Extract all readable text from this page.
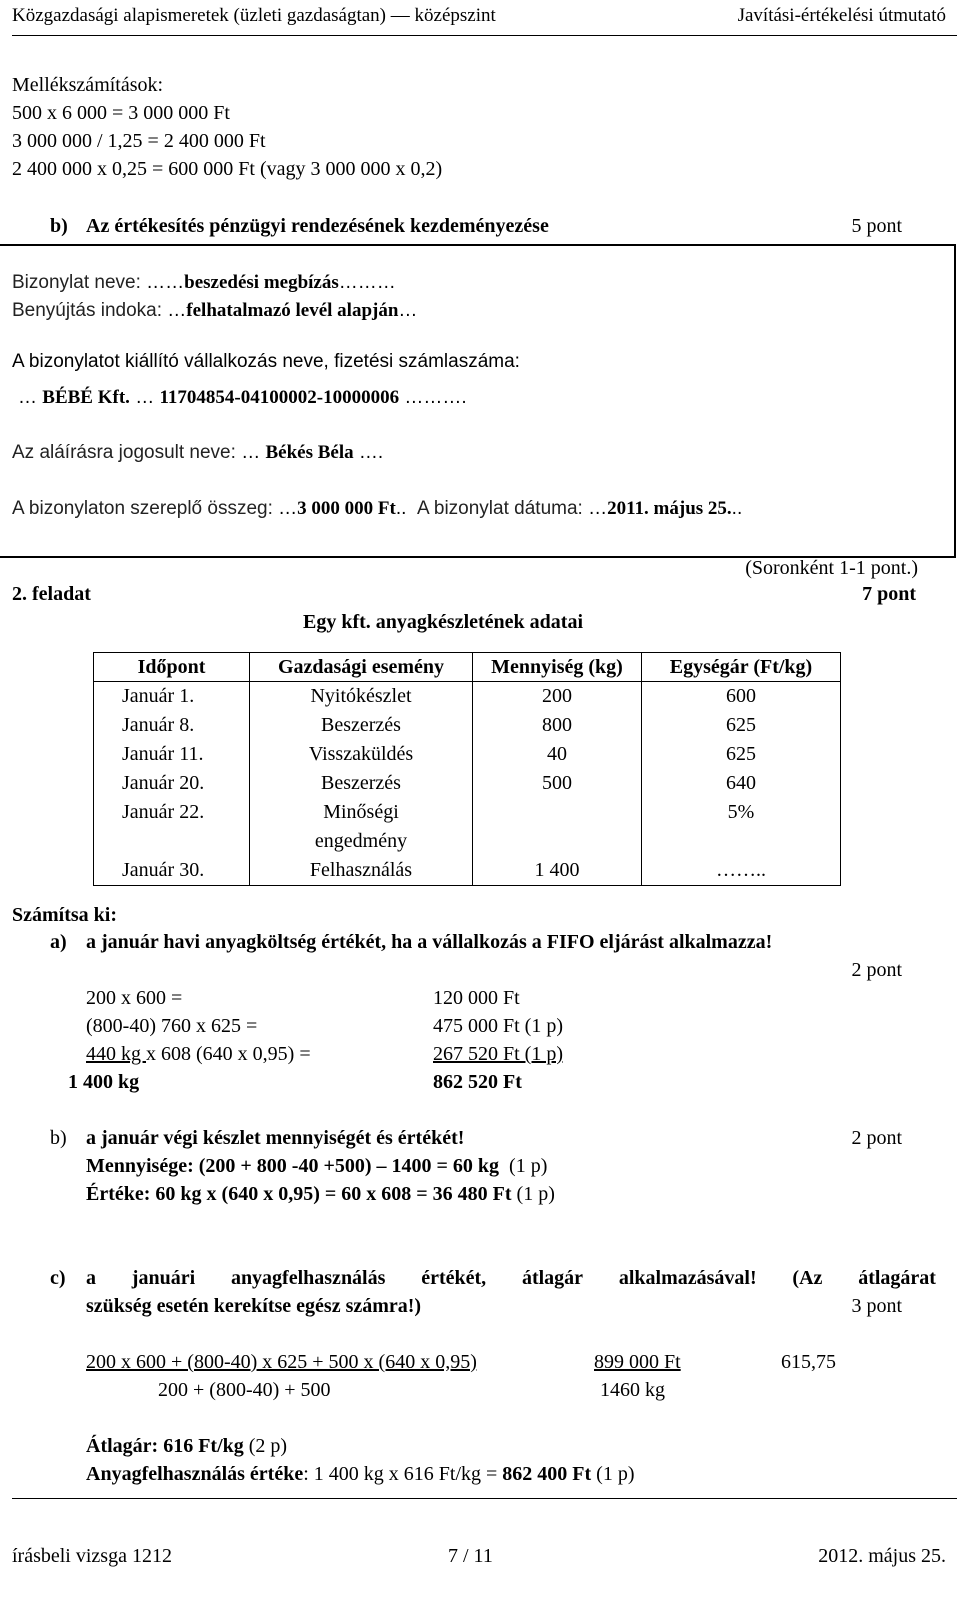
Közgazdasági alapismeretek (üzleti gazdaságtan) — középszint	Javítási-értékelési útmutató
Mellékszámítások:
500 x 6 000 = 3 000 000 Ft
3 000 000 / 1,25 = 2 400 000 Ft
2 400 000 x 0,25 = 600 000 Ft (vagy 3 000 000 x 0,2)
b) Az értékesítés pénzügyi rendezésének kezdeményezése	5 pont
Bizonylat neve: ……beszedési megbízás………
Benyújtás indoka: …felhatalmazó levél alapján…
A bizonylatot kiállító vállalkozás neve, fizetési számlaszáma:
… BÉBÉ Kft. … 11704854-04100002-10000006 ……….
Az aláírásra jogosult neve: … Békés Béla ….
A bizonylaton szereplő összeg: …3 000 000 Ft.. A bizonylat dátuma: …2011. május 25...
(Soronként 1-1 pont.)
2. feladat	7 pont
Egy kft. anyagkészletének adatai
Időpont	Gazdasági esemény	Mennyiség (kg)	Egységár (Ft/kg)
Január 1.	Nyitókészlet	200	600
Január 8.	Beszerzés	800	625
Január 11.	Visszaküldés	40	625
Január 20.	Beszerzés	500	640
Január 22.	Minőségi		5%
	engedmény		
Január 30.	Felhasználás	1 400	……..
Számítsa ki:
a) a január havi anyagköltség értékét, ha a vállalkozás a FIFO eljárást alkalmazza!
2 pont
200 x 600 =	120 000 Ft
(800-40) 760 x 625 =	475 000 Ft (1 p)
440 kg x 608 (640 x 0,95) =	267 520 Ft (1 p)
1 400 kg	862 520 Ft
b) a január végi készlet mennyiségét és értékét!	2 pont
Mennyisége: (200 + 800 -40 +500) – 1400 = 60 kg (1 p)
Értéke: 60 kg x (640 x 0,95) = 60 x 608 = 36 480 Ft (1 p)
c) a januári anyagfelhasználás értékét, átlagár alkalmazásával! (Az átlagárat
szükség esetén kerekítse egész számra!)	3 pont
200 x 600 + (800-40) x 625 + 500 x (640 x 0,95)	899 000 Ft	615,75
200 + (800-40) + 500	1460 kg
Átlagár: 616 Ft/kg (2 p)
Anyagfelhasználás értéke: 1 400 kg x 616 Ft/kg = 862 400 Ft (1 p)
írásbeli vizsga 1212	7 / 11	2012. május 25.
